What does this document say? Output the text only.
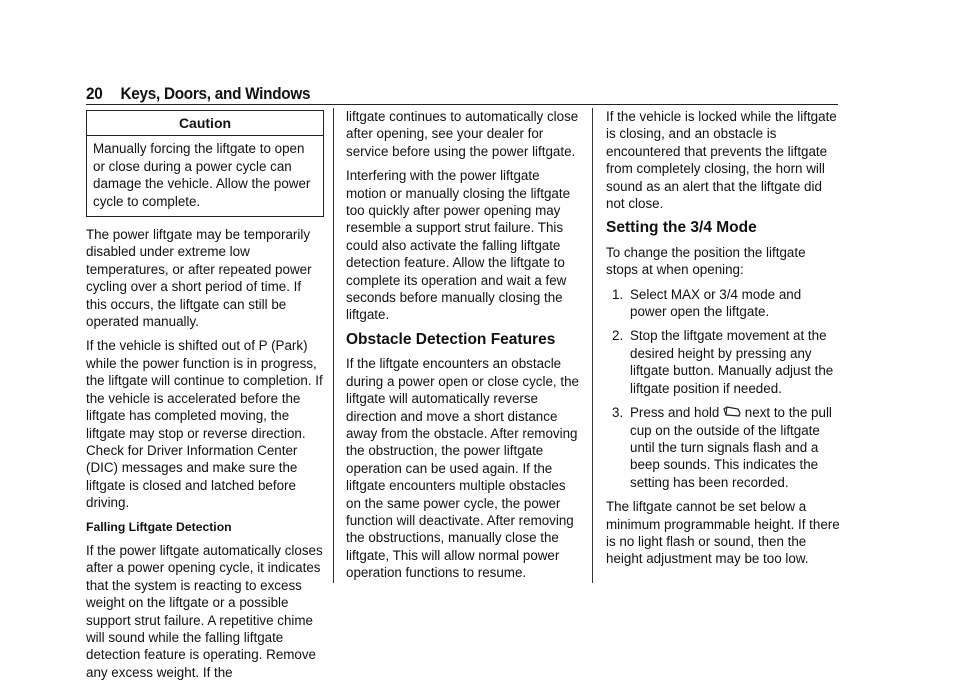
20 Keys, Doors, and Windows
Caution
Manually forcing the liftgate to open or close during a power cycle can damage the vehicle. Allow the power cycle to complete.

The power liftgate may be temporarily disabled under extreme low temperatures, or after repeated power cycling over a short period of time. If this occurs, the liftgate can still be operated manually.

If the vehicle is shifted out of P (Park) while the power function is in progress, the liftgate will continue to completion. If the vehicle is accelerated before the liftgate has completed moving, the liftgate may stop or reverse direction. Check for Driver Information Center (DIC) messages and make sure the liftgate is closed and latched before driving.

Falling Liftgate Detection

If the power liftgate automatically closes after a power opening cycle, it indicates that the system is reacting to excess weight on the liftgate or a possible support strut failure. A repetitive chime will sound while the falling liftgate detection feature is operating. Remove any excess weight. If the

liftgate continues to automatically close after opening, see your dealer for service before using the power liftgate.

Interfering with the power liftgate motion or manually closing the liftgate too quickly after power opening may resemble a support strut failure. This could also activate the falling liftgate detection feature. Allow the liftgate to complete its operation and wait a few seconds before manually closing the liftgate.

Obstacle Detection Features

If the liftgate encounters an obstacle during a power open or close cycle, the liftgate will automatically reverse direction and move a short distance away from the obstacle. After removing the obstruction, the power liftgate operation can be used again. If the liftgate encounters multiple obstacles on the same power cycle, the power function will deactivate. After removing the obstructions, manually close the liftgate, This will allow normal power operation functions to resume.

If the vehicle is locked while the liftgate is closing, and an obstacle is encountered that prevents the liftgate from completely closing, the horn will sound as an alert that the liftgate did not close.

Setting the 3/4 Mode

To change the position the liftgate stops at when opening:

1. Select MAX or 3/4 mode and power open the liftgate.
2. Stop the liftgate movement at the desired height by pressing any liftgate button. Manually adjust the liftgate position if needed.
3. Press and hold next to the pull cup on the outside of the liftgate until the turn signals flash and a beep sounds. This indicates the setting has been recorded.

The liftgate cannot be set below a minimum programmable height. If there is no light flash or sound, then the height adjustment may be too low.
